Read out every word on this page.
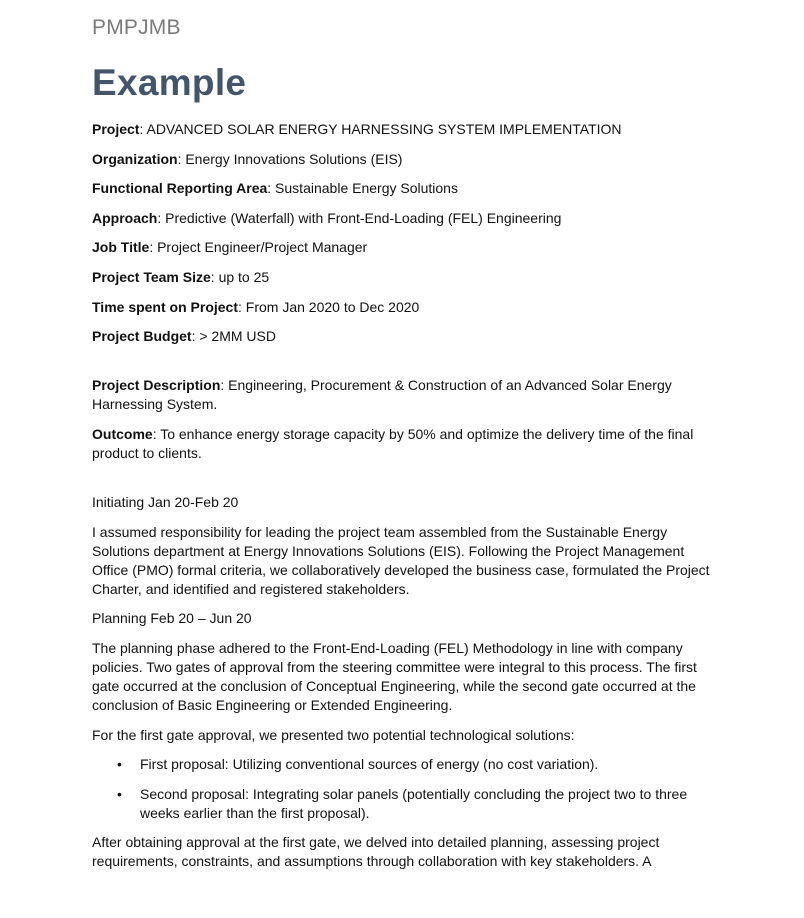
PMPJMB
Example

Project: ADVANCED SOLAR ENERGY HARNESSING SYSTEM IMPLEMENTATION

Organization: Energy Innovations Solutions (EIS)

Functional Reporting Area: Sustainable Energy Solutions

Approach: Predictive (Waterfall) with Front-End-Loading (FEL) Engineering

Job Title: Project Engineer/Project Manager

Project Team Size: up to 25

Time spent on Project: From Jan 2020 to Dec 2020

Project Budget: > 2MM USD

Project Description: Engineering, Procurement & Construction of an Advanced Solar Energy Harnessing System.

Outcome: To enhance energy storage capacity by 50% and optimize the delivery time of the final product to clients.

Initiating Jan 20-Feb 20

I assumed responsibility for leading the project team assembled from the Sustainable Energy Solutions department at Energy Innovations Solutions (EIS). Following the Project Management Office (PMO) formal criteria, we collaboratively developed the business case, formulated the Project Charter, and identified and registered stakeholders.

Planning Feb 20 – Jun 20

The planning phase adhered to the Front-End-Loading (FEL) Methodology in line with company policies. Two gates of approval from the steering committee were integral to this process. The first gate occurred at the conclusion of Conceptual Engineering, while the second gate occurred at the conclusion of Basic Engineering or Extended Engineering.

For the first gate approval, we presented two potential technological solutions:

• First proposal: Utilizing conventional sources of energy (no cost variation).
• Second proposal: Integrating solar panels (potentially concluding the project two to three weeks earlier than the first proposal).

After obtaining approval at the first gate, we delved into detailed planning, assessing project requirements, constraints, and assumptions through collaboration with key stakeholders. A
